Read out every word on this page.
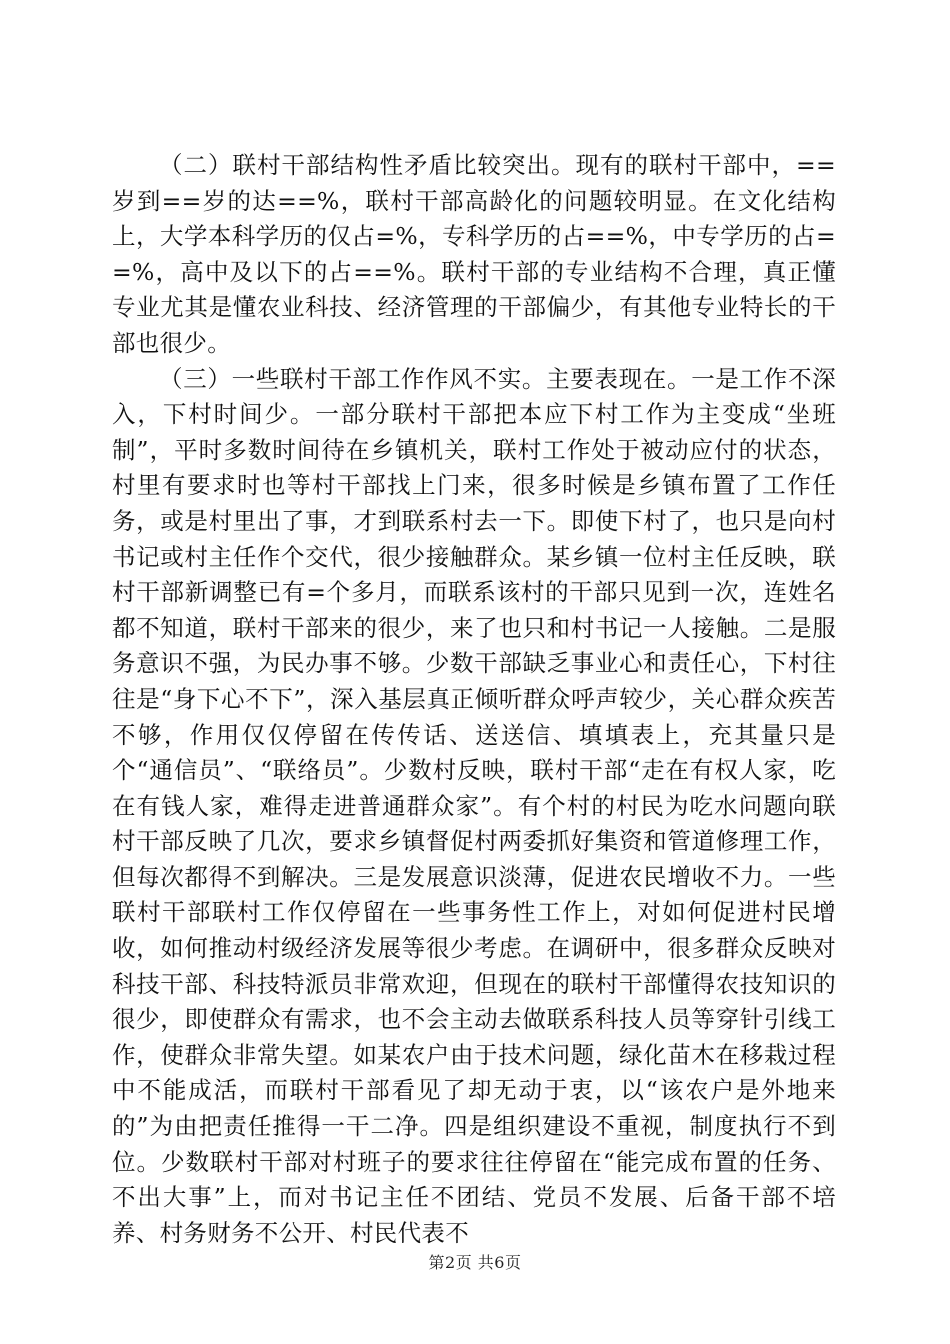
（二）联村干部结构性矛盾比较突出。现有的联村干部中，==岁到==岁的达==%，联村干部高龄化的问题较明显。在文化结构上，大学本科学历的仅占=%，专科学历的占==%，中专学历的占==%，高中及以下的占==%。联村干部的专业结构不合理，真正懂专业尤其是懂农业科技、经济管理的干部偏少，有其他专业特长的干部也很少。

（三）一些联村干部工作作风不实。主要表现在。一是工作不深入，下村时间少。一部分联村干部把本应下村工作为主变成“坐班制”，平时多数时间待在乡镇机关，联村工作处于被动应付的状态，村里有要求时也等村干部找上门来，很多时候是乡镇布置了工作任务，或是村里出了事，才到联系村去一下。即使下村了，也只是向村书记或村主任作个交代，很少接触群众。某乡镇一位村主任反映，联村干部新调整已有=个多月，而联系该村的干部只见到一次，连姓名都不知道，联村干部来的很少，来了也只和村书记一人接触。二是服务意识不强，为民办事不够。少数干部缺乏事业心和责任心，下村往往是“身下心不下”，深入基层真正倾听群众呼声较少，关心群众疾苦不够，作用仅仅停留在传传话、送送信、填填表上，充其量只是个“通信员”、“联络员”。少数村反映，联村干部“走在有权人家，吃在有钱人家，难得走进普通群众家”。有个村的村民为吃水问题向联村干部反映了几次，要求乡镇督促村两委抓好集资和管道修理工作，但每次都得不到解决。三是发展意识淡薄，促进农民增收不力。一些联村干部联村工作仅停留在一些事务性工作上，对如何促进村民增收，如何推动村级经济发展等很少考虑。在调研中，很多群众反映对科技干部、科技特派员非常欢迎，但现在的联村干部懂得农技知识的很少，即使群众有需求，也不会主动去做联系科技人员等穿针引线工作，使群众非常失望。如某农户由于技术问题，绿化苗木在移栽过程中不能成活，而联村干部看见了却无动于衷，以“该农户是外地来的”为由把责任推得一干二净。四是组织建设不重视，制度执行不到位。少数联村干部对村班子的要求往往停留在“能完成布置的任务、不出大事”上，而对书记主任不团结、党员不发展、后备干部不培养、村务财务不公开、村民代表不

第2页 共6页
